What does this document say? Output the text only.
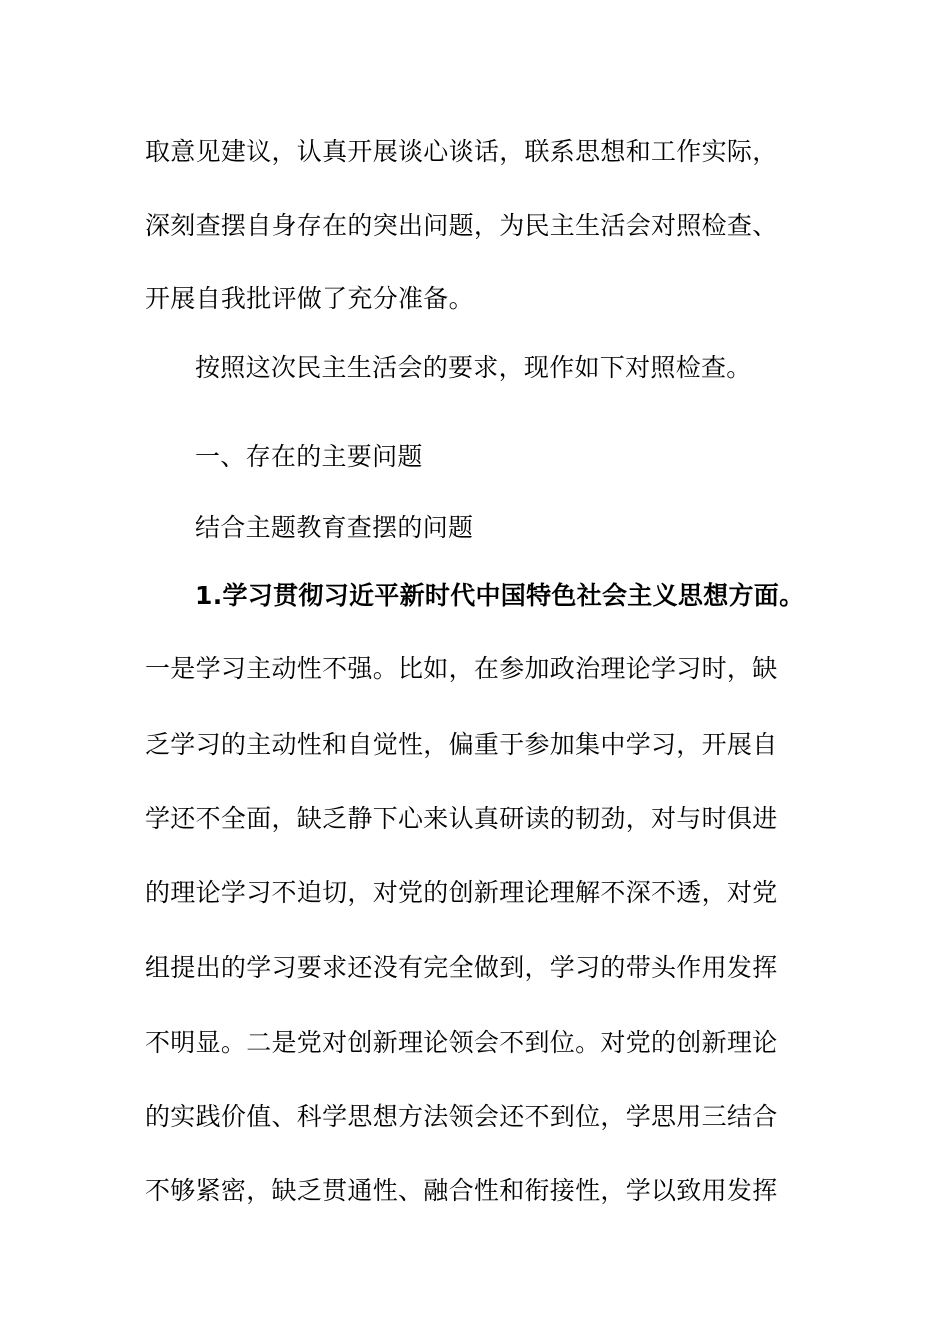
取意见建议，认真开展谈心谈话，联系思想和工作实际，
深刻查摆自身存在的突出问题，为民主生活会对照检查、
开展自我批评做了充分准备。
按照这次民主生活会的要求，现作如下对照检查。
一、存在的主要问题
结合主题教育查摆的问题
1.学习贯彻习近平新时代中国特色社会主义思想方面。
一是学习主动性不强。比如，在参加政治理论学习时，缺
乏学习的主动性和自觉性，偏重于参加集中学习，开展自
学还不全面，缺乏静下心来认真研读的韧劲，对与时俱进
的理论学习不迫切，对党的创新理论理解不深不透，对党
组提出的学习要求还没有完全做到，学习的带头作用发挥
不明显。二是党对创新理论领会不到位。对党的创新理论
的实践价值、科学思想方法领会还不到位，学思用三结合
不够紧密，缺乏贯通性、融合性和衔接性，学以致用发挥
